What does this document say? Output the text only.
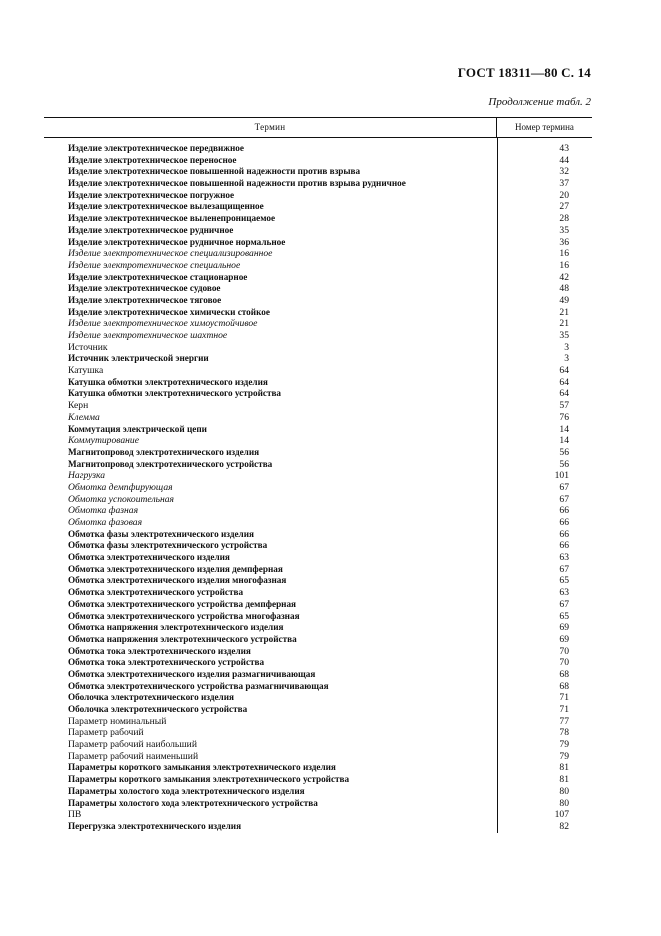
ГОСТ 18311—80 С. 14
Продолжение табл. 2
Термин	Номер термина
Изделие электротехническое передвижное	43
Изделие электротехническое переносное	44
Изделие электротехническое повышенной надежности против взрыва	32
Изделие электротехническое повышенной надежности против взрыва рудничное	37
Изделие электротехническое погружное	20
Изделие электротехническое вылезащищенное	27
Изделие электротехническое выленепроницаемое	28
Изделие электротехническое рудничное	35
Изделие электротехническое рудничное нормальное	36
Изделие электротехническое специализированное	16
Изделие электротехническое специальное	16
Изделие электротехническое стационарное	42
Изделие электротехническое судовое	48
Изделие электротехническое тяговое	49
Изделие электротехническое химически стойкое	21
Изделие электротехническое химоустойчивое	21
Изделие электротехническое шахтное	35
Источник	3
Источник электрической энергии	3
Катушка	64
Катушка обмотки электротехнического изделия	64
Катушка обмотки электротехнического устройства	64
Керн	57
Клемма	76
Коммутация электрической цепи	14
Коммутирование	14
Магнитопровод электротехнического изделия	56
Магнитопровод электротехнического устройства	56
Нагрузка	101
Обмотка демпфирующая	67
Обмотка успокоительная	67
Обмотка фазная	66
Обмотка фазовая	66
Обмотка фазы электротехнического изделия	66
Обмотка фазы электротехнического устройства	66
Обмотка электротехнического изделия	63
Обмотка электротехнического изделия демпферная	67
Обмотка электротехнического изделия многофазная	65
Обмотка электротехнического устройства	63
Обмотка электротехнического устройства демпферная	67
Обмотка электротехнического устройства многофазная	65
Обмотка напряжения электротехнического изделия	69
Обмотка напряжения электротехнического устройства	69
Обмотка тока электротехнического изделия	70
Обмотка тока электротехнического устройства	70
Обмотка электротехнического изделия размагничивающая	68
Обмотка электротехнического устройства размагничивающая	68
Оболочка электротехнического изделия	71
Оболочка электротехнического устройства	71
Параметр номинальный	77
Параметр рабочий	78
Параметр рабочий наибольший	79
Параметр рабочий наименьший	79
Параметры короткого замыкания электротехнического изделия	81
Параметры короткого замыкания электротехнического устройства	81
Параметры холостого хода электротехнического изделия	80
Параметры холостого хода электротехнического устройства	80
ПВ	107
Перегрузка электротехнического изделия	82
